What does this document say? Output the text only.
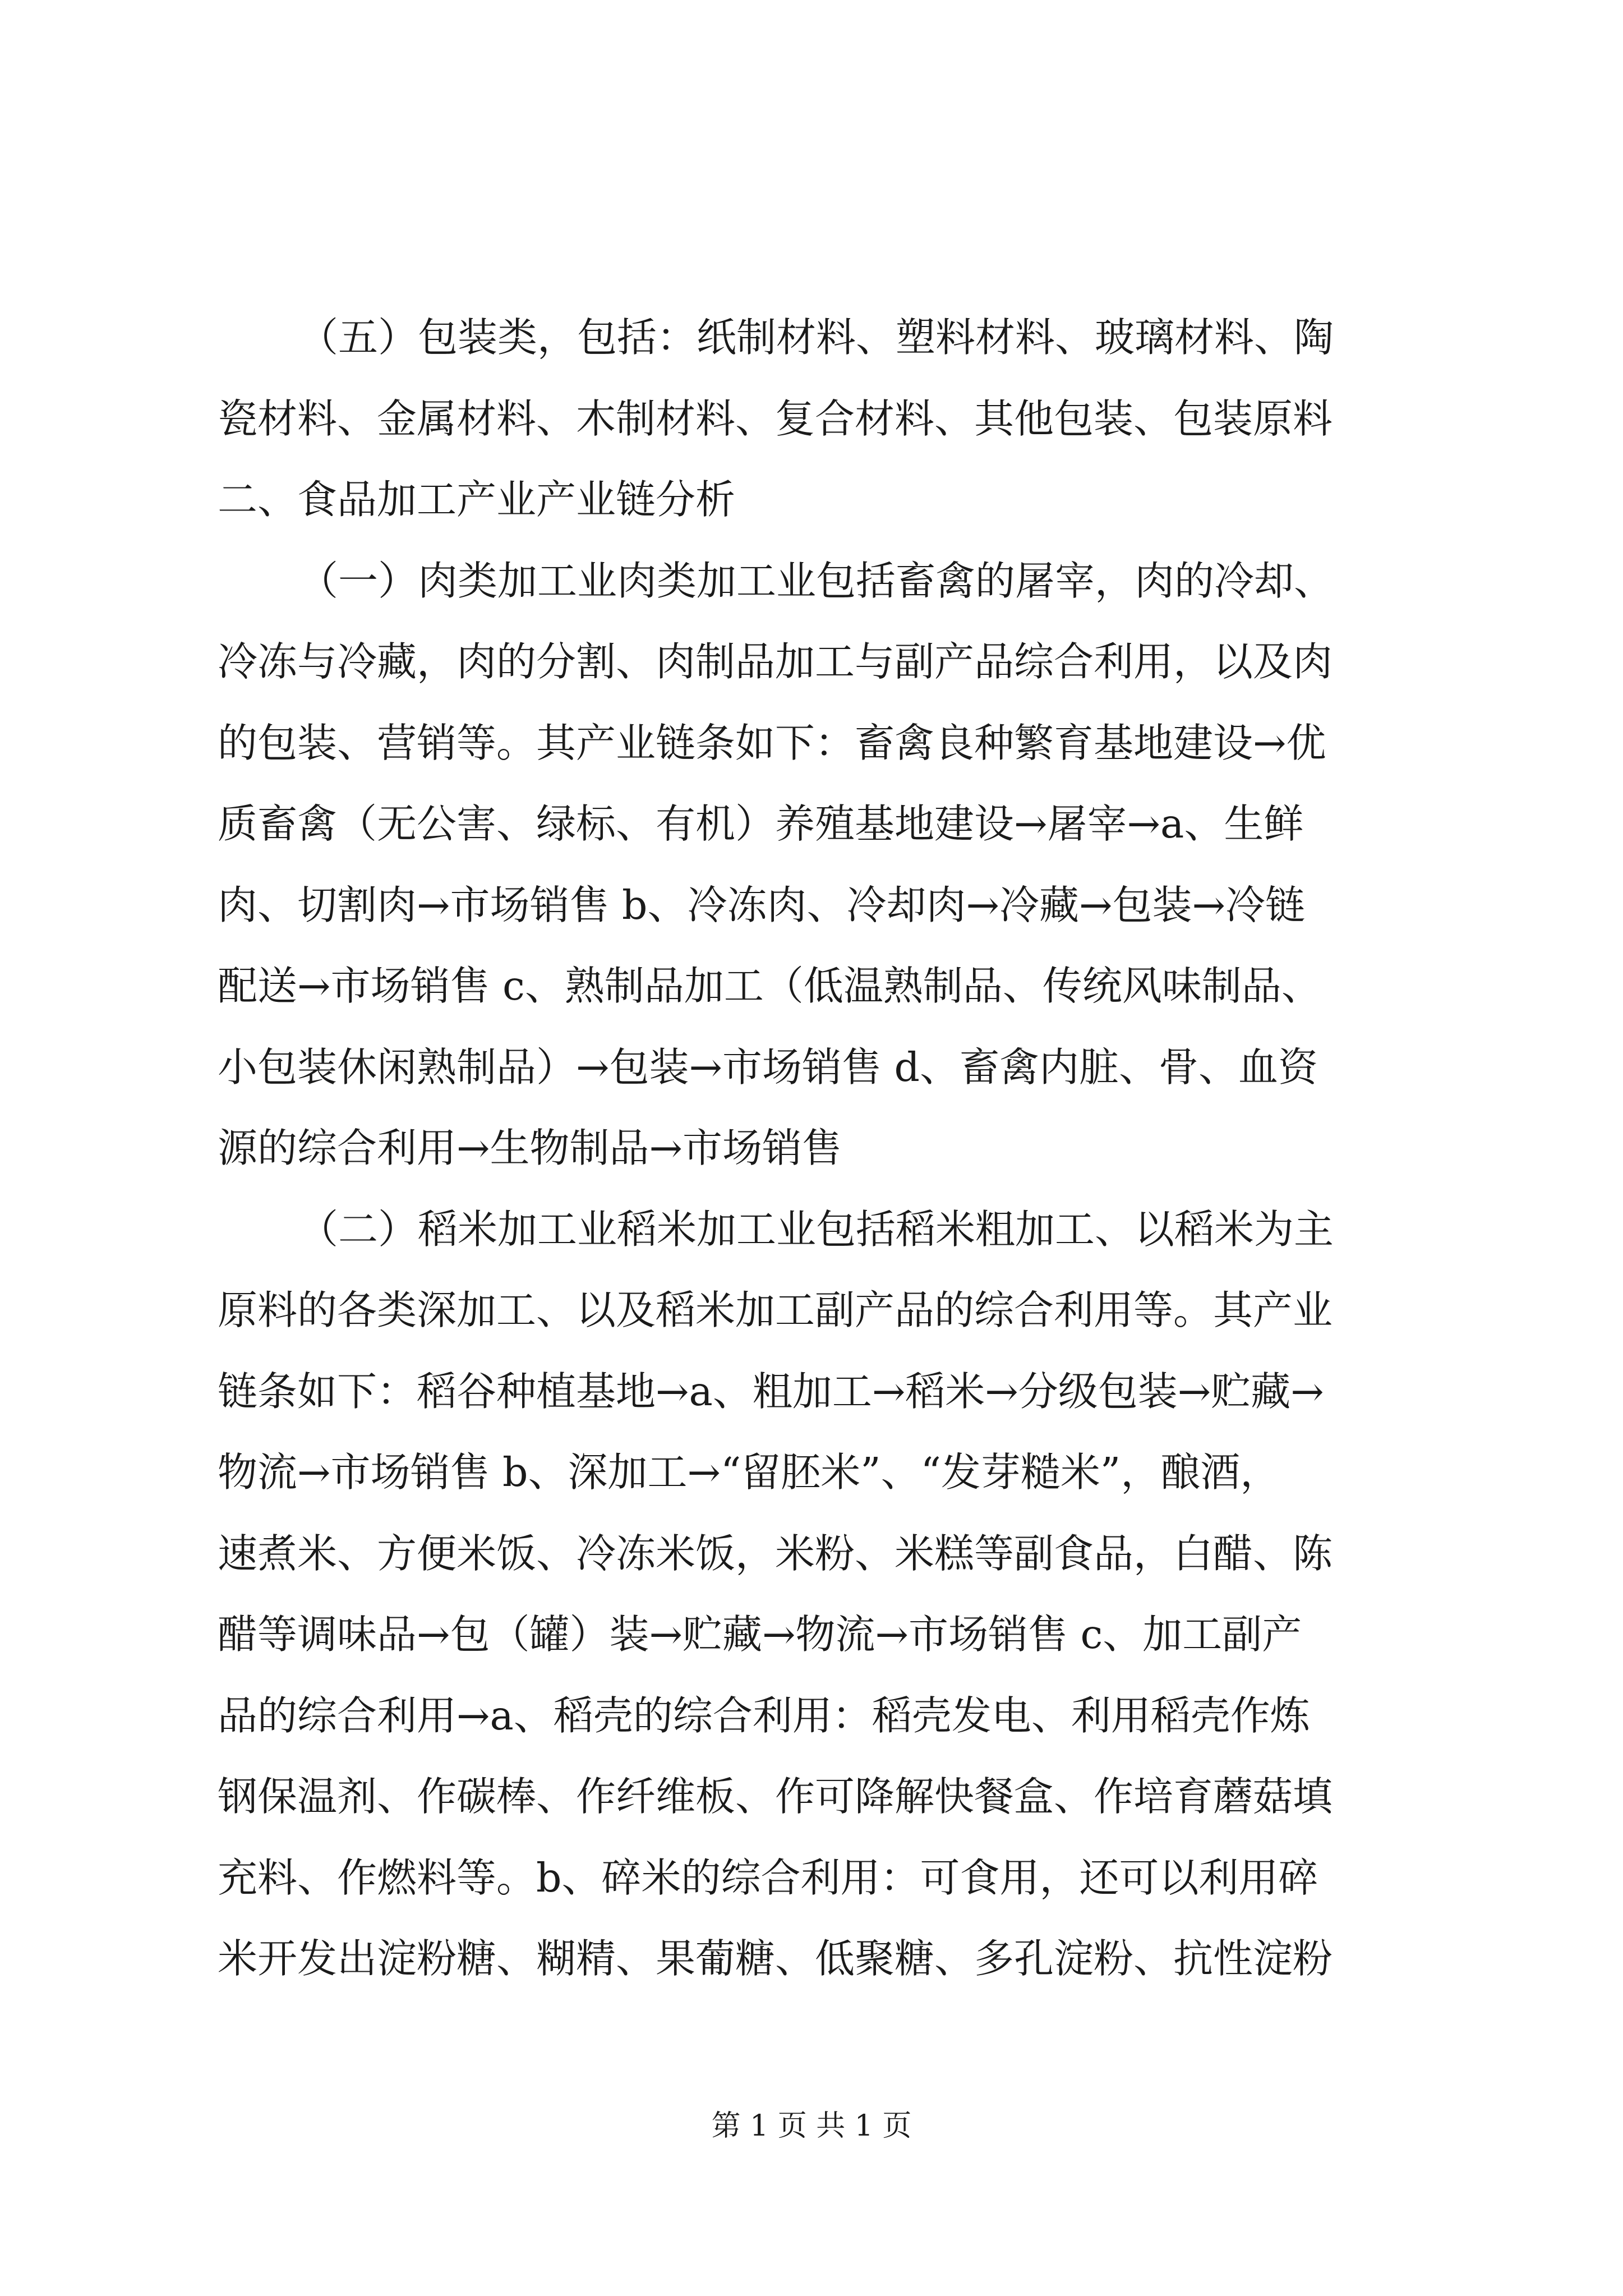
（五）包装类，包括：纸制材料、塑料材料、玻璃材料、陶
瓷材料、金属材料、木制材料、复合材料、其他包装、包装原料
二、食品加工产业产业链分析
（一）肉类加工业肉类加工业包括畜禽的屠宰，肉的冷却、
冷冻与冷藏，肉的分割、肉制品加工与副产品综合利用，以及肉
的包装、营销等。其产业链条如下：畜禽良种繁育基地建设→优
质畜禽（无公害、绿标、有机）养殖基地建设→屠宰→a、生鲜
肉、切割肉→市场销售 b、冷冻肉、冷却肉→冷藏→包装→冷链
配送→市场销售 c、熟制品加工（低温熟制品、传统风味制品、
小包装休闲熟制品）→包装→市场销售 d、畜禽内脏、骨、血资
源的综合利用→生物制品→市场销售
（二）稻米加工业稻米加工业包括稻米粗加工、以稻米为主
原料的各类深加工、以及稻米加工副产品的综合利用等。其产业
链条如下：稻谷种植基地→a、粗加工→稻米→分级包装→贮藏→
物流→市场销售 b、深加工→“留胚米”、“发芽糙米”，酿酒，
速煮米、方便米饭、冷冻米饭，米粉、米糕等副食品，白醋、陈
醋等调味品→包（罐）装→贮藏→物流→市场销售 c、加工副产
品的综合利用→a、稻壳的综合利用：稻壳发电、利用稻壳作炼
钢保温剂、作碳棒、作纤维板、作可降解快餐盒、作培育蘑菇填
充料、作燃料等。b、碎米的综合利用：可食用，还可以利用碎
米开发出淀粉糖、糊精、果葡糖、低聚糖、多孔淀粉、抗性淀粉
第 1 页 共 1 页
